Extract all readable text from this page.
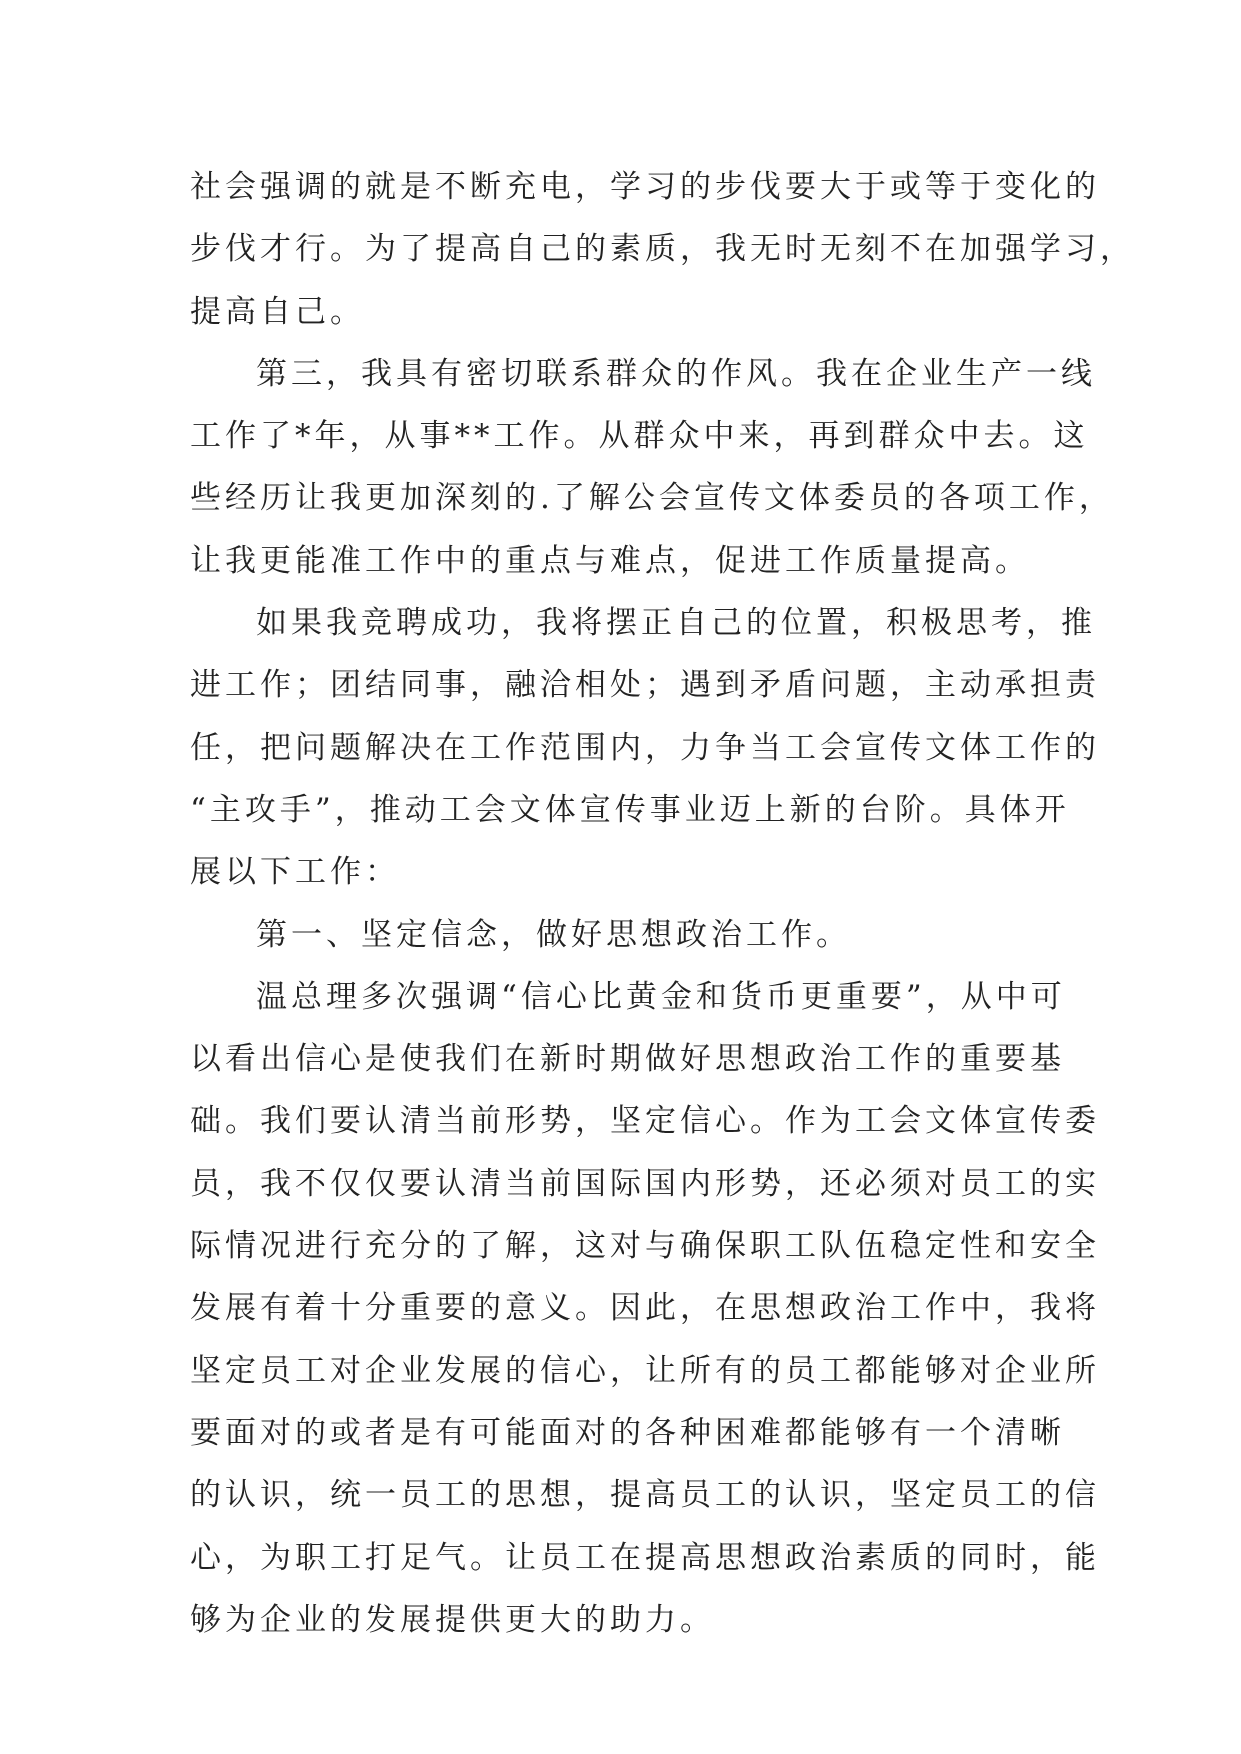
社会强调的就是不断充电，学习的步伐要大于或等于变化的
步伐才行。为了提高自己的素质，我无时无刻不在加强学习，
提高自己。
第三，我具有密切联系群众的作风。我在企业生产一线
工作了*年，从事**工作。从群众中来，再到群众中去。这
些经历让我更加深刻的.了解公会宣传文体委员的各项工作，
让我更能准工作中的重点与难点，促进工作质量提高。
如果我竞聘成功，我将摆正自己的位置，积极思考，推
进工作；团结同事，融洽相处；遇到矛盾问题，主动承担责
任，把问题解决在工作范围内，力争当工会宣传文体工作的
“主攻手”，推动工会文体宣传事业迈上新的台阶。具体开
展以下工作：
第一、坚定信念，做好思想政治工作。
温总理多次强调“信心比黄金和货币更重要”，从中可
以看出信心是使我们在新时期做好思想政治工作的重要基
础。我们要认清当前形势，坚定信心。作为工会文体宣传委
员，我不仅仅要认清当前国际国内形势，还必须对员工的实
际情况进行充分的了解，这对与确保职工队伍稳定性和安全
发展有着十分重要的意义。因此，在思想政治工作中，我将
坚定员工对企业发展的信心，让所有的员工都能够对企业所
要面对的或者是有可能面对的各种困难都能够有一个清晰
的认识，统一员工的思想，提高员工的认识，坚定员工的信
心，为职工打足气。让员工在提高思想政治素质的同时，能
够为企业的发展提供更大的助力。
